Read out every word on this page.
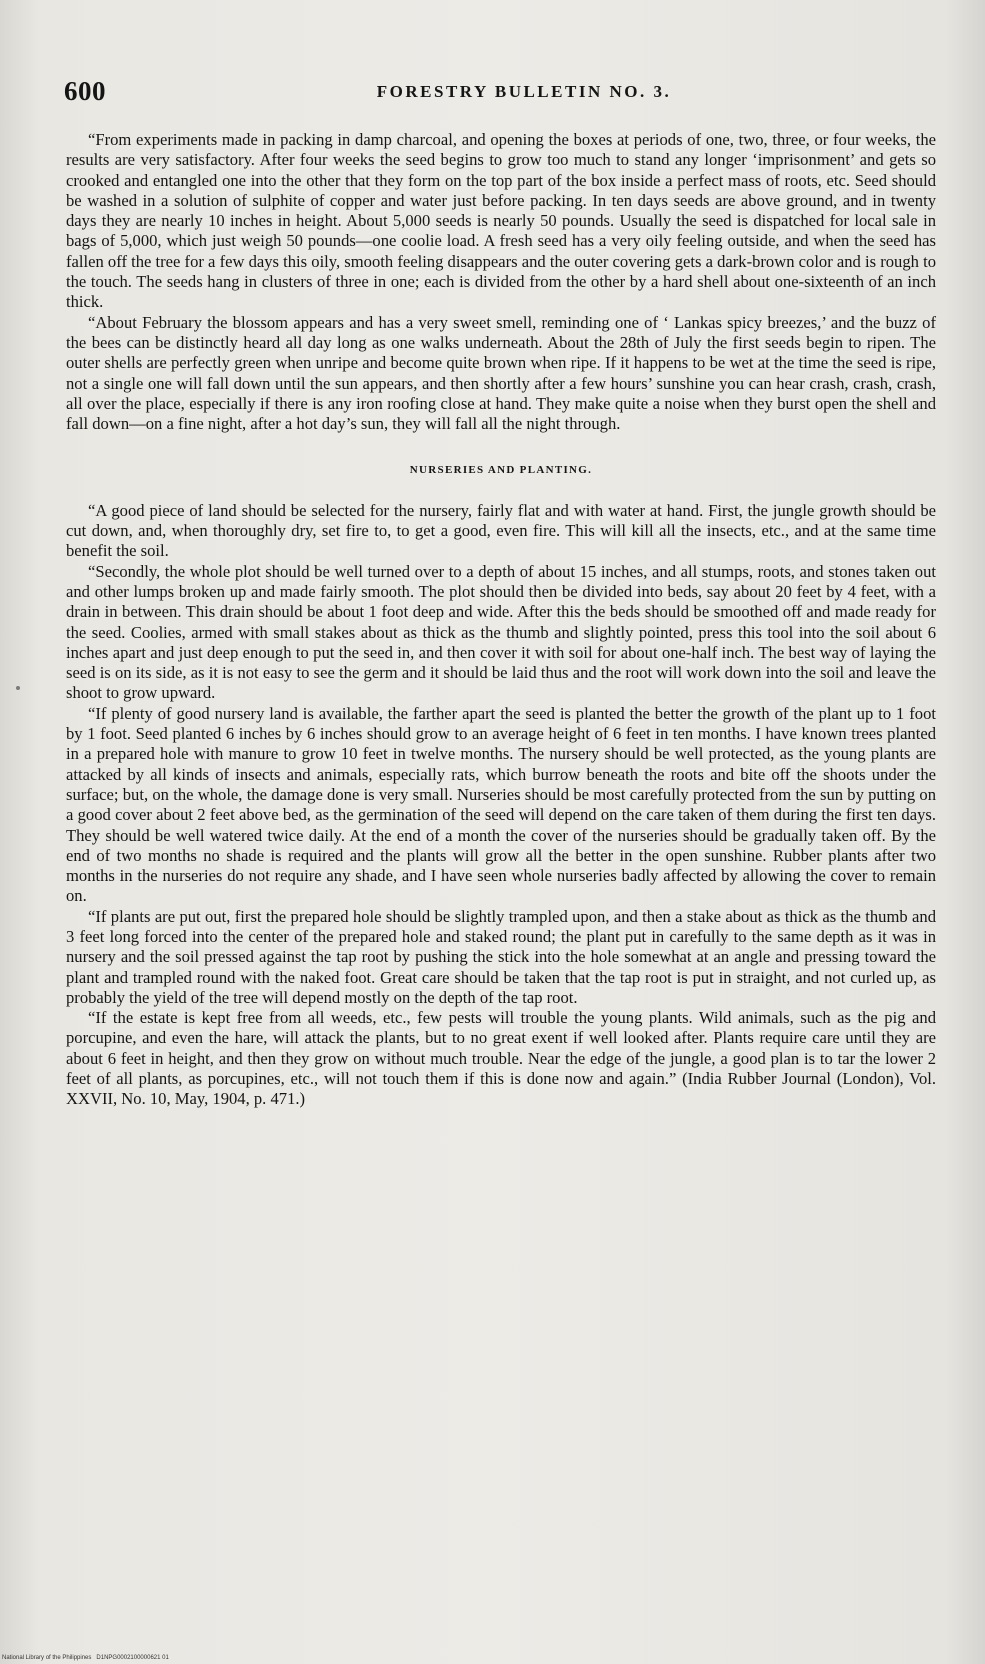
600	FORESTRY BULLETIN NO. 3.

“From experiments made in packing in damp charcoal, and opening the boxes at periods of one, two, three, or four weeks, the results are very satisfactory. After four weeks the seed begins to grow too much to stand any longer ‘imprisonment’ and gets so crooked and entangled one into the other that they form on the top part of the box inside a perfect mass of roots, etc. Seed should be washed in a solution of sulphite of copper and water just before packing. In ten days seeds are above ground, and in twenty days they are nearly 10 inches in height. About 5,000 seeds is nearly 50 pounds. Usually the seed is dispatched for local sale in bags of 5,000, which just weigh 50 pounds—one coolie load. A fresh seed has a very oily feeling outside, and when the seed has fallen off the tree for a few days this oily, smooth feeling disappears and the outer covering gets a dark-brown color and is rough to the touch. The seeds hang in clusters of three in one; each is divided from the other by a hard shell about one-sixteenth of an inch thick.

“About February the blossom appears and has a very sweet smell, reminding one of ‘ Lankas spicy breezes,’ and the buzz of the bees can be distinctly heard all day long as one walks underneath. About the 28th of July the first seeds begin to ripen. The outer shells are perfectly green when unripe and become quite brown when ripe. If it happens to be wet at the time the seed is ripe, not a single one will fall down until the sun appears, and then shortly after a few hours’ sunshine you can hear crash, crash, crash, all over the place, especially if there is any iron roofing close at hand. They make quite a noise when they burst open the shell and fall down—on a fine night, after a hot day’s sun, they will fall all the night through.

NURSERIES AND PLANTING.

“A good piece of land should be selected for the nursery, fairly flat and with water at hand. First, the jungle growth should be cut down, and, when thoroughly dry, set fire to, to get a good, even fire. This will kill all the insects, etc., and at the same time benefit the soil.

“Secondly, the whole plot should be well turned over to a depth of about 15 inches, and all stumps, roots, and stones taken out and other lumps broken up and made fairly smooth. The plot should then be divided into beds, say about 20 feet by 4 feet, with a drain in between. This drain should be about 1 foot deep and wide. After this the beds should be smoothed off and made ready for the seed. Coolies, armed with small stakes about as thick as the thumb and slightly pointed, press this tool into the soil about 6 inches apart and just deep enough to put the seed in, and then cover it with soil for about one-half inch. The best way of laying the seed is on its side, as it is not easy to see the germ and it should be laid thus and the root will work down into the soil and leave the shoot to grow upward.

“If plenty of good nursery land is available, the farther apart the seed is planted the better the growth of the plant up to 1 foot by 1 foot. Seed planted 6 inches by 6 inches should grow to an average height of 6 feet in ten months. I have known trees planted in a prepared hole with manure to grow 10 feet in twelve months. The nursery should be well protected, as the young plants are attacked by all kinds of insects and animals, especially rats, which burrow beneath the roots and bite off the shoots under the surface; but, on the whole, the damage done is very small. Nurseries should be most carefully protected from the sun by putting on a good cover about 2 feet above bed, as the germination of the seed will depend on the care taken of them during the first ten days. They should be well watered twice daily. At the end of a month the cover of the nurseries should be gradually taken off. By the end of two months no shade is required and the plants will grow all the better in the open sunshine. Rubber plants after two months in the nurseries do not require any shade, and I have seen whole nurseries badly affected by allowing the cover to remain on.

“If plants are put out, first the prepared hole should be slightly trampled upon, and then a stake about as thick as the thumb and 3 feet long forced into the center of the prepared hole and staked round; the plant put in carefully to the same depth as it was in nursery and the soil pressed against the tap root by pushing the stick into the hole somewhat at an angle and pressing toward the plant and trampled round with the naked foot. Great care should be taken that the tap root is put in straight, and not curled up, as probably the yield of the tree will depend mostly on the depth of the tap root.

“If the estate is kept free from all weeds, etc., few pests will trouble the young plants. Wild animals, such as the pig and porcupine, and even the hare, will attack the plants, but to no great exent if well looked after. Plants require care until they are about 6 feet in height, and then they grow on without much trouble. Near the edge of the jungle, a good plan is to tar the lower 2 feet of all plants, as porcupines, etc., will not touch them if this is done now and again.” (India Rubber Journal (London), Vol. XXVII, No. 10, May, 1904, p. 471.)

National Library of the Philippines D1NPG0002100000621 01
